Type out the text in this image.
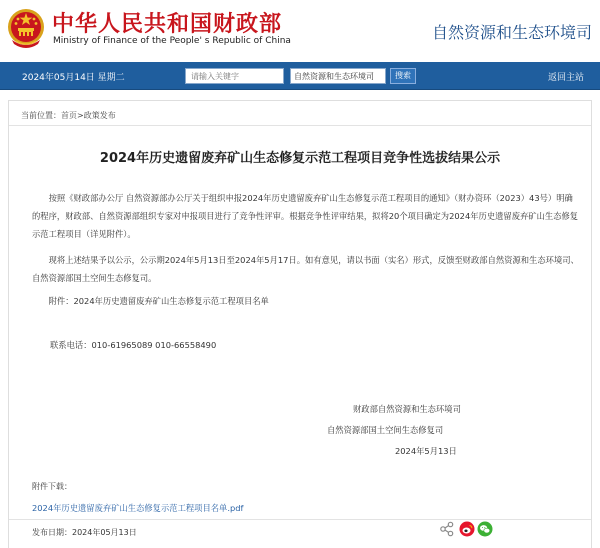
中华人民共和国财政部
Ministry of Finance of the People' s Republic of China	自然资源和生态环境司
2024年05月14日 星期二
请输入关键字	自然资源和生态环境司	搜索	返回主站
当前位置：首页>政策发布
2024年历史遗留废弃矿山生态修复示范工程项目竞争性选拔结果公示

按照《财政部办公厅 自然资源部办公厅关于组织申报2024年历史遗留废弃矿山生态修复示范工程项目的通知》（财办资环（2023）43号）明确的程序，财政部、自然资源部组织专家对申报项目进行了竞争性评审。根据竞争性评审结果，拟将20个项目确定为2024年历史遗留废弃矿山生态修复示范工程项目（详见附件）。

现将上述结果予以公示，公示期2024年5月13日至2024年5月17日。如有意见，请以书面（实名）形式，反馈至财政部自然资源和生态环境司、自然资源部国土空间生态修复司。

附件：2024年历史遗留废弃矿山生态修复示范工程项目名单

联系电话：010-61965089 010-66558490
财政部自然资源和生态环境司
自然资源部国土空间生态修复司
2024年5月13日
附件下载：
2024年历史遗留废弃矿山生态修复示范工程项目名单.pdf
发布日期：2024年05月13日
